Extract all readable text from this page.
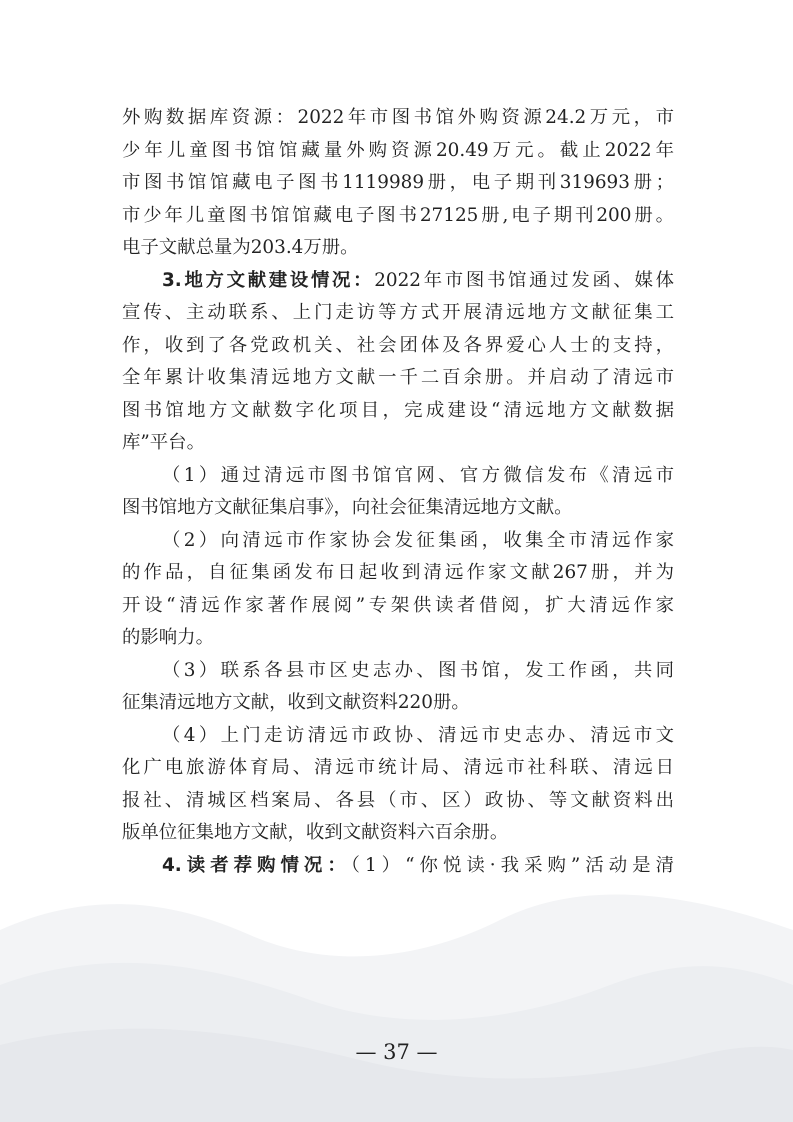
外购数据库资源：2022年市图书馆外购资源24.2万元，市
少年儿童图书馆馆藏量外购资源20.49万元。截止2022年
市图书馆馆藏电子图书1119989册，电子期刊319693册；
市少年儿童图书馆馆藏电子图书27125册,电子期刊200册。
电子文献总量为203.4万册。

3.地方文献建设情况：2022年市图书馆通过发函、媒体
宣传、主动联系、上门走访等方式开展清远地方文献征集工
作，收到了各党政机关、社会团体及各界爱心人士的支持，
全年累计收集清远地方文献一千二百余册。并启动了清远市
图书馆地方文献数字化项目，完成建设“清远地方文献数据
库”平台。

（1）通过清远市图书馆官网、官方微信发布《清远市
图书馆地方文献征集启事》，向社会征集清远地方文献。

（2）向清远市作家协会发征集函，收集全市清远作家
的作品，自征集函发布日起收到清远作家文献267册，并为
开设“清远作家著作展阅”专架供读者借阅，扩大清远作家
的影响力。

（3）联系各县市区史志办、图书馆，发工作函，共同
征集清远地方文献，收到文献资料220册。

（4）上门走访清远市政协、清远市史志办、清远市文
化广电旅游体育局、清远市统计局、清远市社科联、清远日
报社、清城区档案局、各县（市、区）政协、等文献资料出
版单位征集地方文献，收到文献资料六百余册。

4.读者荐购情况：（1）“你悦读·我采购”活动是清

— 37 —
